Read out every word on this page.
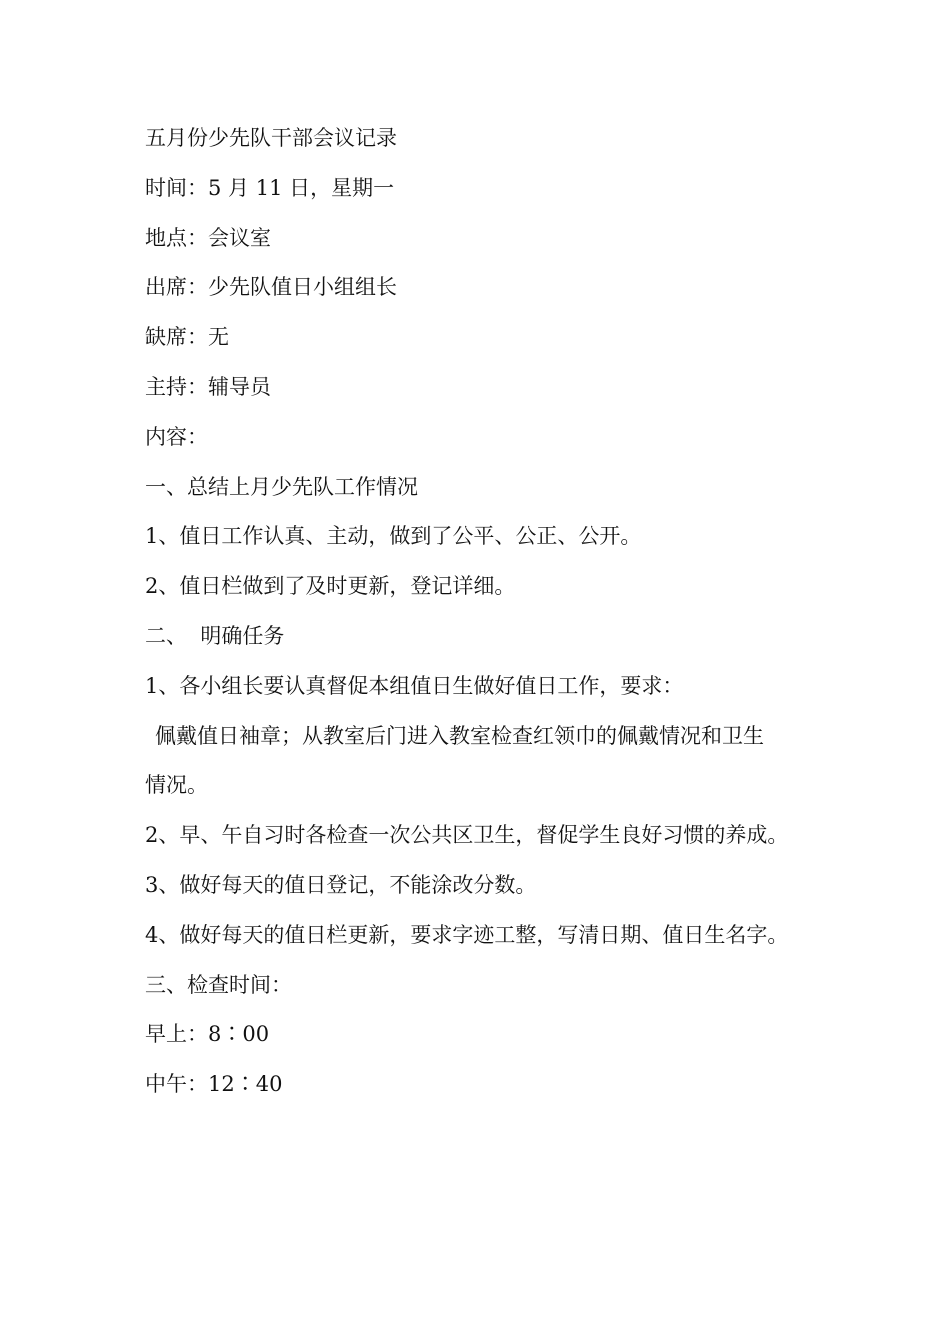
五月份少先队干部会议记录
时间：5 月 11 日，星期一
地点：会议室
出席：少先队值日小组组长
缺席：无
主持：辅导员
内容：
一、总结上月少先队工作情况
1、值日工作认真、主动，做到了公平、公正、公开。
2、值日栏做到了及时更新，登记详细。
二、  明确任务
1、各小组长要认真督促本组值日生做好值日工作，要求：
佩戴值日袖章；从教室后门进入教室检查红领巾的佩戴情况和卫生
情况。
2、早、午自习时各检查一次公共区卫生，督促学生良好习惯的养成。
3、做好每天的值日登记，不能涂改分数。
4、做好每天的值日栏更新，要求字迹工整，写清日期、值日生名字。
三、检查时间：
早上：8∶00
中午：12∶40
